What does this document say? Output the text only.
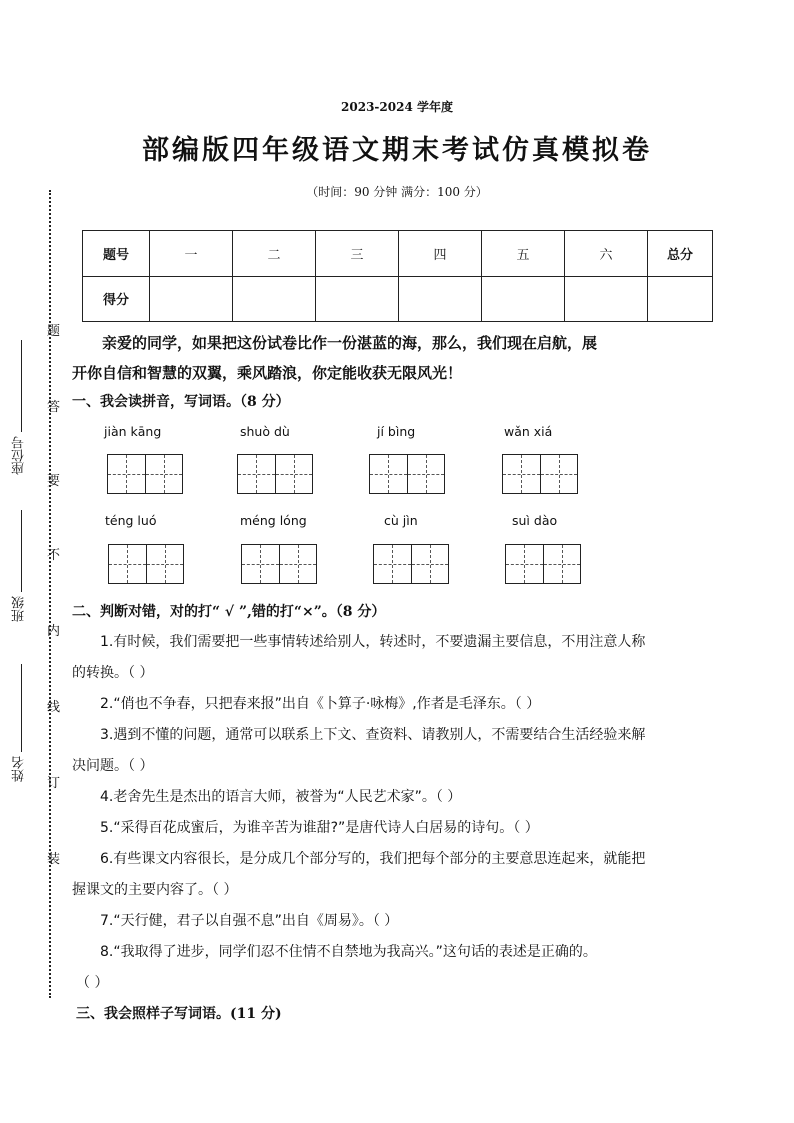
座位号
班级
姓名
题
答
要
不
内
线
订
装
2023-2024 学年度
部编版四年级语文期末考试仿真模拟卷
（时间：90 分钟 满分：100 分）
题号	一	二	三	四	五	六	总分
得分							

亲爱的同学，如果把这份试卷比作一份湛蓝的海，那么，我们现在启航，展

开你自信和智慧的双翼，乘风踏浪，你定能收获无限风光！

一、我会读拼音，写词语。（8 分）
jiàn kāng	shuò dù	jí bìng	wǎn xiá
téng luó	méng lóng	cù jìn	suì dào
二、判断对错，对的打“ √ ”,错的打“×”。（8 分）

1.有时候，我们需要把一些事情转述给别人，转述时，不要遗漏主要信息，不用注意人称

的转换。（ ）

2.“俏也不争春，只把春来报”出自《卜算子·咏梅》,作者是毛泽东。（ ）

3.遇到不懂的问题，通常可以联系上下文、查资料、请教别人，不需要结合生活经验来解

决问题。（ ）

4.老舍先生是杰出的语言大师，被誉为“人民艺术家”。（ ）

5.“采得百花成蜜后，为谁辛苦为谁甜?”是唐代诗人白居易的诗句。（ ）

6.有些课文内容很长，是分成几个部分写的，我们把每个部分的主要意思连起来，就能把

握课文的主要内容了。（ ）

7.“天行健，君子以自强不息”出自《周易》。（ ）

8.“我取得了进步，同学们忍不住情不自禁地为我高兴。”这句话的表述是正确的。

（ ）

三、我会照样子写词语。(11 分)
